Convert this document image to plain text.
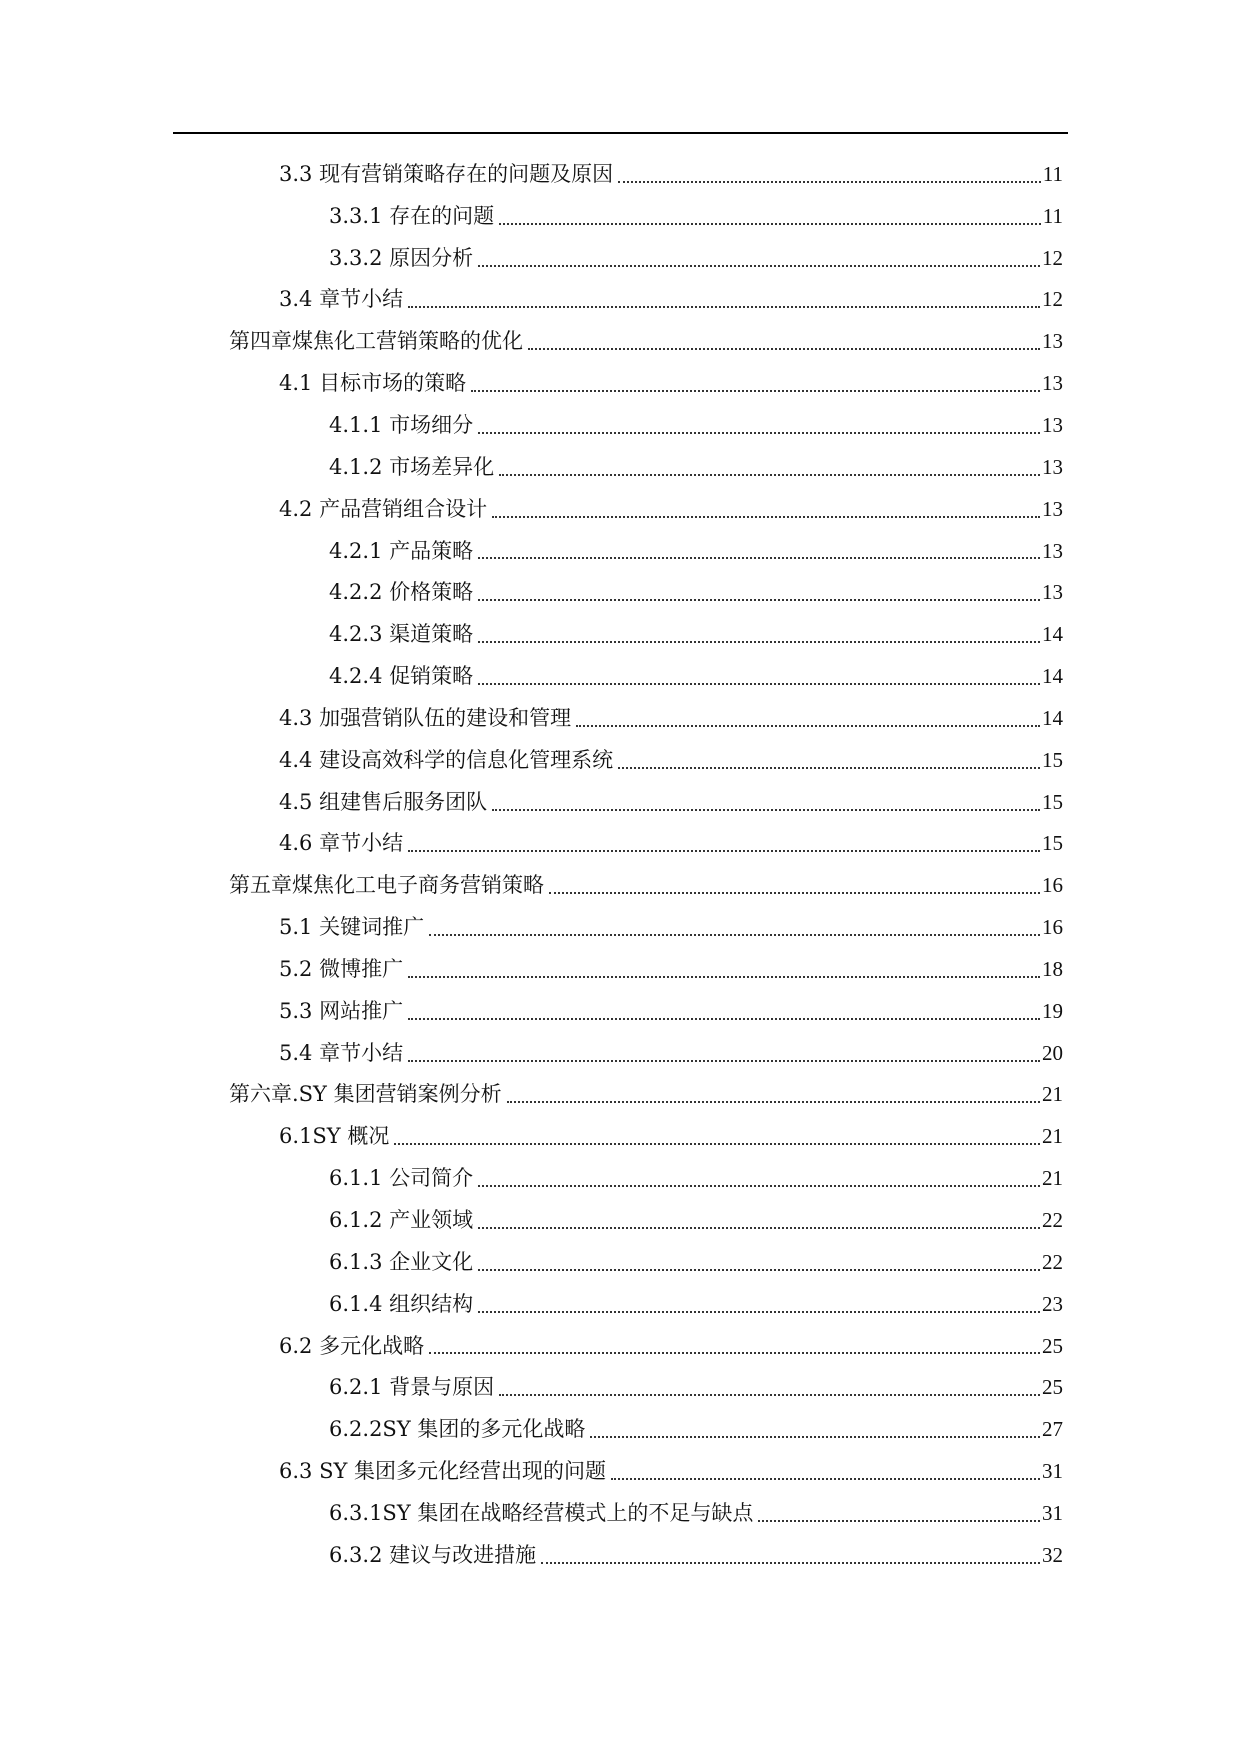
3.3 现有营销策略存在的问题及原因	11
3.3.1 存在的问题	11
3.3.2 原因分析	12
3.4 章节小结	12
第四章煤焦化工营销策略的优化	13
4.1 目标市场的策略	13
4.1.1 市场细分	13
4.1.2 市场差异化	13
4.2 产品营销组合设计	13
4.2.1 产品策略	13
4.2.2 价格策略	13
4.2.3 渠道策略	14
4.2.4 促销策略	14
4.3 加强营销队伍的建设和管理	14
4.4 建设高效科学的信息化管理系统	15
4.5 组建售后服务团队	15
4.6 章节小结	15
第五章煤焦化工电子商务营销策略	16
5.1 关键词推广	16
5.2 微博推广	18
5.3 网站推广	19
5.4 章节小结	20
第六章.SY 集团营销案例分析	21
6.1SY 概况	21
6.1.1 公司简介	21
6.1.2 产业领域	22
6.1.3 企业文化	22
6.1.4 组织结构	23
6.2 多元化战略	25
6.2.1 背景与原因	25
6.2.2SY 集团的多元化战略	27
6.3 SY 集团多元化经营出现的问题	31
6.3.1SY 集团在战略经营模式上的不足与缺点	31
6.3.2 建议与改进措施	32
